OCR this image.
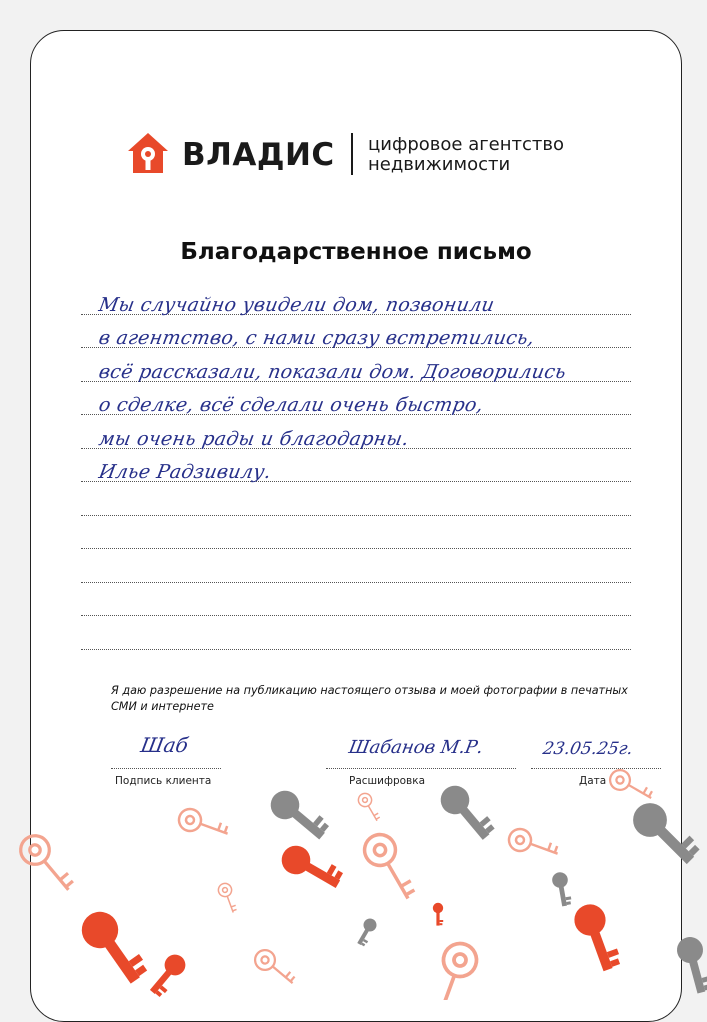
ВЛАДИС цифровое агентство
недвижимости
Благодарственное письмо
Мы случайно увидели дом, позвонили
в агентство, с нами сразу встретились,
всё рассказали, показали дом. Договорились
о сделке, всё сделали очень быстро,
мы очень рады и благодарны.
Илье Радзивилу.
Я даю разрешение на публикацию настоящего отзыва и моей фотографии в печатных СМИ и интернете
Шаб
Подпись клиента
Шабанов М.Р.
Расшифровка
23.05.25г.
Дата
